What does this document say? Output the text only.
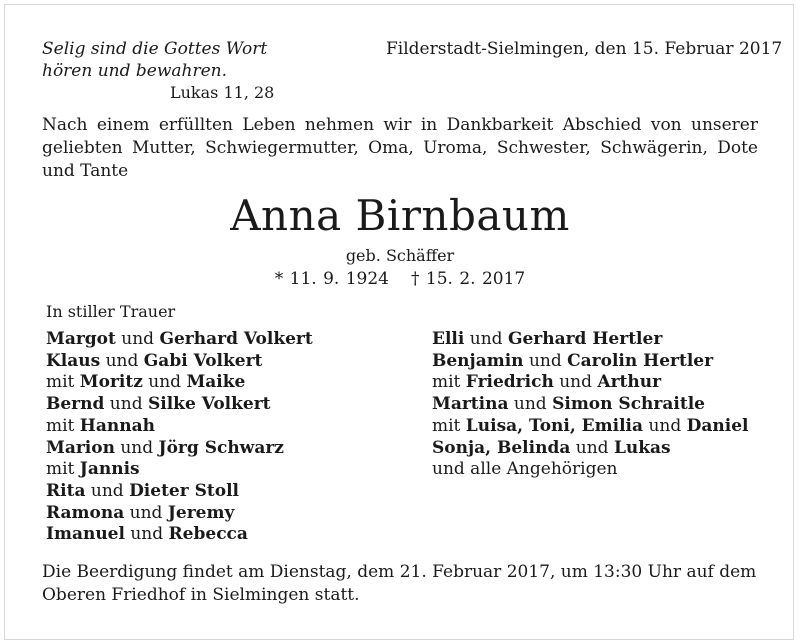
Selig sind die Gottes Wort
hören und bewahren.
Lukas 11, 28
Filderstadt-Sielmingen, den 15. Februar 2017
Nach einem erfüllten Leben nehmen wir in Dankbarkeit Abschied von unserer geliebten Mutter, Schwiegermutter, Oma, Uroma, Schwester, Schwägerin, Dote und Tante
Anna Birnbaum
geb. Schäffer
* 11. 9. 1924 † 15. 2. 2017
In stiller Trauer
Margot und Gerhard Volkert
Klaus und Gabi Volkert
mit Moritz und Maike
Bernd und Silke Volkert
mit Hannah
Marion und Jörg Schwarz
mit Jannis
Rita und Dieter Stoll
Ramona und Jeremy
Imanuel und Rebecca
Elli und Gerhard Hertler
Benjamin und Carolin Hertler
mit Friedrich und Arthur
Martina und Simon Schraitle
mit Luisa, Toni, Emilia und Daniel
Sonja, Belinda und Lukas
und alle Angehörigen
Die Beerdigung findet am Dienstag, dem 21. Februar 2017, um 13:30 Uhr auf dem Oberen Friedhof in Sielmingen statt.
